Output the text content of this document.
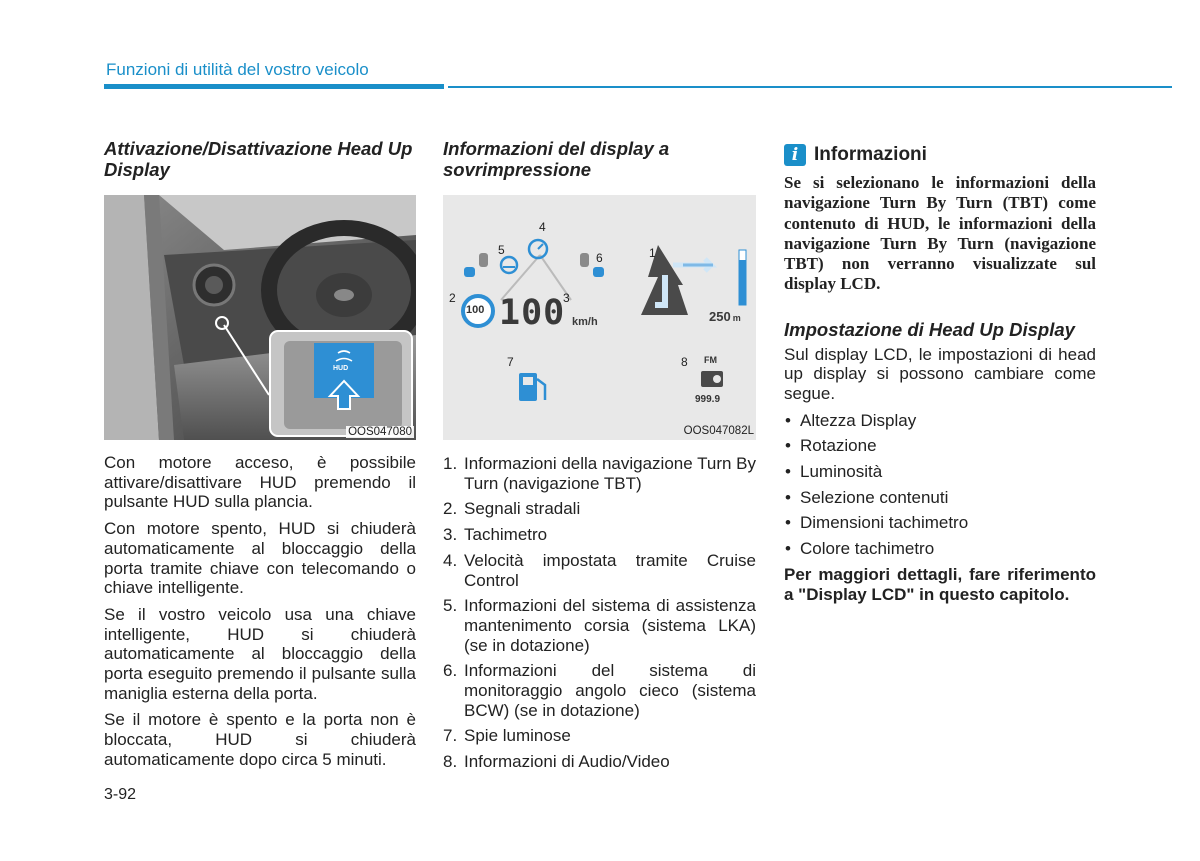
Funzioni di utilità del vostro veicolo
Attivazione/Disattivazione Head Up Display
HUD
OOS047080

Con motore acceso, è possibile attivare/disattivare HUD premendo il pulsante HUD sulla plancia.

Con motore spento, HUD si chiuderà automaticamente al bloccaggio della porta tramite chiave con telecomando o chiave intelligente.

Se il vostro veicolo usa una chiave intelligente, HUD si chiuderà automaticamente al bloccaggio della porta eseguito premendo il pulsante sulla maniglia esterna della porta.

Se il motore è spento e la porta non è bloccata, HUD si chiuderà automaticamente dopo circa 5 minuti.

Informazioni del display a sovrimpressione
1
2	3
4
5
6
7	8
100 100 km/h	250 m
FM
999.9
OOS047082L
1. Informazioni della navigazione Turn By Turn (navigazione TBT)
2. Segnali stradali
3. Tachimetro
4. Velocità impostata tramite Cruise Control
5. Informazioni del sistema di assistenza mantenimento corsia (sistema LKA) (se in dotazione)
6. Informazioni del sistema di monitoraggio angolo cieco (sistema BCW) (se in dotazione)
7. Spie luminose
8. Informazioni di Audio/Video
i Informazioni
Se si selezionano le informazioni della navigazione Turn By Turn (TBT) come contenuto di HUD, le informazioni della navigazione Turn By Turn (navigazione TBT) non verranno visualizzate sul display LCD.
Impostazione di Head Up Display

Sul display LCD, le impostazioni di head up display si possono cambiare come segue.

• Altezza Display
• Rotazione
• Luminosità
• Selezione contenuti
• Dimensioni tachimetro
• Colore tachimetro
Per maggiori dettagli, fare riferimento a "Display LCD" in questo capitolo.
3-92
